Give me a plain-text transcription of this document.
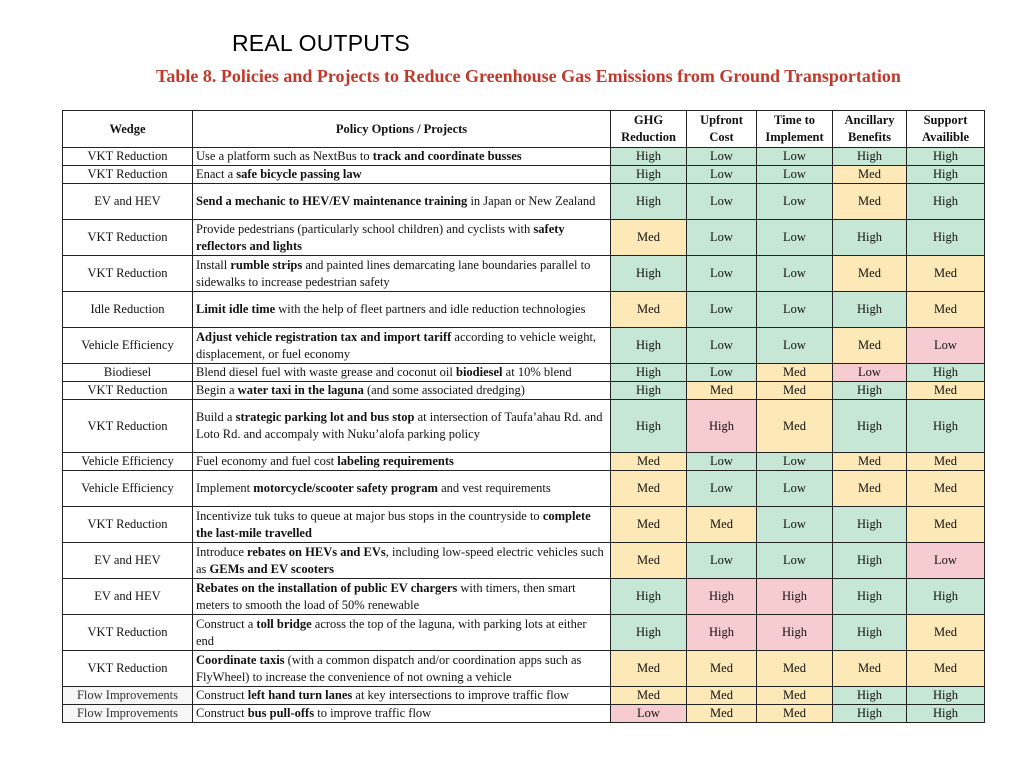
REAL OUTPUTS
Table 8. Policies and Projects to Reduce Greenhouse Gas Emissions from Ground Transportation
Wedge	Policy Options / Projects	GHG Reduction	Upfront Cost	Time to Implement	Ancillary Benefits	Support Availible
VKT Reduction	Use a platform such as NextBus to track and coordinate busses	High	Low	Low	High	High
VKT Reduction	Enact a safe bicycle passing law	High	Low	Low	Med	High
EV and HEV	Send a mechanic to HEV/EV maintenance training in Japan or New Zealand	High	Low	Low	Med	High
VKT Reduction	Provide pedestrians (particularly school children) and cyclists with safety reflectors and lights	Med	Low	Low	High	High
VKT Reduction	Install rumble strips and painted lines demarcating lane boundaries parallel to sidewalks to increase pedestrian safety	High	Low	Low	Med	Med
Idle Reduction	Limit idle time with the help of fleet partners and idle reduction technologies	Med	Low	Low	High	Med
Vehicle Efficiency	Adjust vehicle registration tax and import tariff according to vehicle weight, displacement, or fuel economy	High	Low	Low	Med	Low
Biodiesel	Blend diesel fuel with waste grease and coconut oil biodiesel at 10% blend	High	Low	Med	Low	High
VKT Reduction	Begin a water taxi in the laguna (and some associated dredging)	High	Med	Med	High	Med
VKT Reduction	Build a strategic parking lot and bus stop at intersection of Taufa’ahau Rd. and Loto Rd. and accompaly with Nuku’alofa parking policy	High	High	Med	High	High
Vehicle Efficiency	Fuel economy and fuel cost labeling requirements	Med	Low	Low	Med	Med
Vehicle Efficiency	Implement motorcycle/scooter safety program and vest requirements	Med	Low	Low	Med	Med
VKT Reduction	Incentivize tuk tuks to queue at major bus stops in the countryside to complete the last-mile travelled	Med	Med	Low	High	Med
EV and HEV	Introduce rebates on HEVs and EVs, including low-speed electric vehicles such as GEMs and EV scooters	Med	Low	Low	High	Low
EV and HEV	Rebates on the installation of public EV chargers with timers, then smart meters to smooth the load of 50% renewable	High	High	High	High	High
VKT Reduction	Construct a toll bridge across the top of the laguna, with parking lots at either end	High	High	High	High	Med
VKT Reduction	Coordinate taxis (with a common dispatch and/or coordination apps such as FlyWheel) to increase the convenience of not owning a vehicle	Med	Med	Med	Med	Med
Flow Improvements	Construct left hand turn lanes at key intersections to improve traffic flow	Med	Med	Med	High	High
Flow Improvements	Construct bus pull-offs to improve traffic flow	Low	Med	Med	High	High
